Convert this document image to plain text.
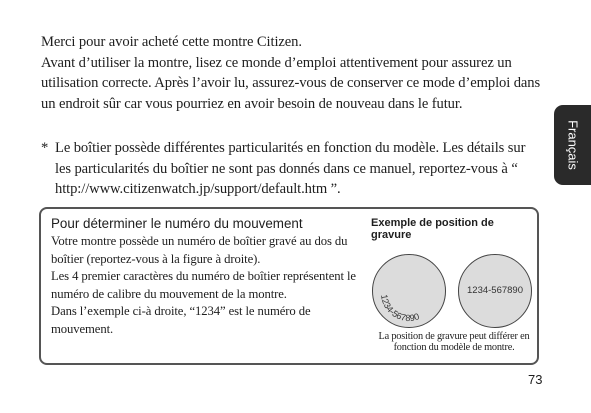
Merci pour avoir acheté cette montre Citizen.

Avant d’utiliser la montre, lisez ce monde d’emploi attentivement pour assurez un utilisation correcte. Après l’avoir lu, assurez-vous de conserver ce mode d’emploi dans un endroit sûr car vous pourriez en avoir besoin de nouveau dans le futur.

* Le boîtier possède différentes particularités en fonction du modèle. Les détails sur les particularités du boîtier ne sont pas donnés dans ce manuel, reportez-vous à “ http://www.citizenwatch.jp/support/default.htm ”.
Français
Pour déterminer le numéro du mouvement

Votre montre possède un numéro de boîtier gravé au dos du boîtier (reportez-vous à la figure à droite).

Les 4 premier caractères du numéro de boîtier représentent le numéro de calibre du mouvement de la montre.

Dans l’exemple ci-à droite, “1234” est le numéro de mouvement.

Exemple de position de gravure
1234-567890
1234-567890
La position de gravure peut différer en fonction du modèle de montre.
73
